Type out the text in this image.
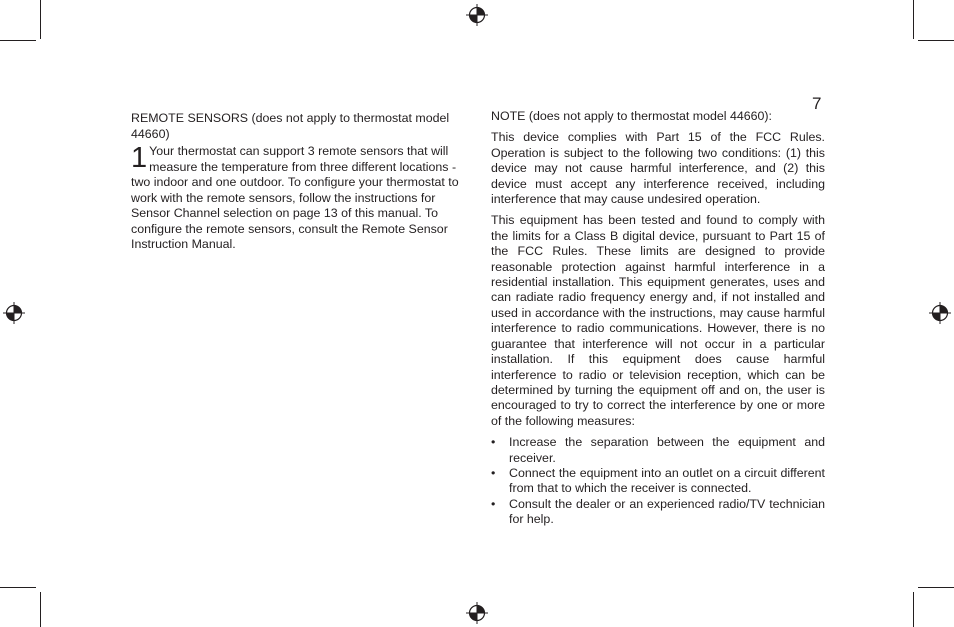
7

REMOTE SENSORS (does not apply to thermostat model 44660)

1 Your thermostat can support 3 remote sensors that will measure the temperature from three different locations - two indoor and one outdoor. To configure your thermostat to work with the remote sensors, follow the instructions for Sensor Channel selection on page 13 of this manual. To configure the remote sensors, consult the Remote Sensor Instruction Manual.

NOTE (does not apply to thermostat model 44660):

This device complies with Part 15 of the FCC Rules. Operation is subject to the following two conditions: (1) this device may not cause harmful interference, and (2) this device must accept any interference received, including interference that may cause undesired operation.

This equipment has been tested and found to comply with the limits for a Class B digital device, pursuant to Part 15 of the FCC Rules. These limits are designed to provide reasonable protection against harmful interference in a residential installation. This equipment generates, uses and can radiate radio frequency energy and, if not installed and used in accordance with the instructions, may cause harmful interference to radio communications. However, there is no guarantee that interference will not occur in a particular installation. If this equipment does cause harmful interference to radio or television reception, which can be determined by turning the equipment off and on, the user is encouraged to try to correct the interference by one or more of the following measures:

• Increase the separation between the equipment and receiver.
• Connect the equipment into an outlet on a circuit different from that to which the receiver is connected.
• Consult the dealer or an experienced radio/TV technician for help.
